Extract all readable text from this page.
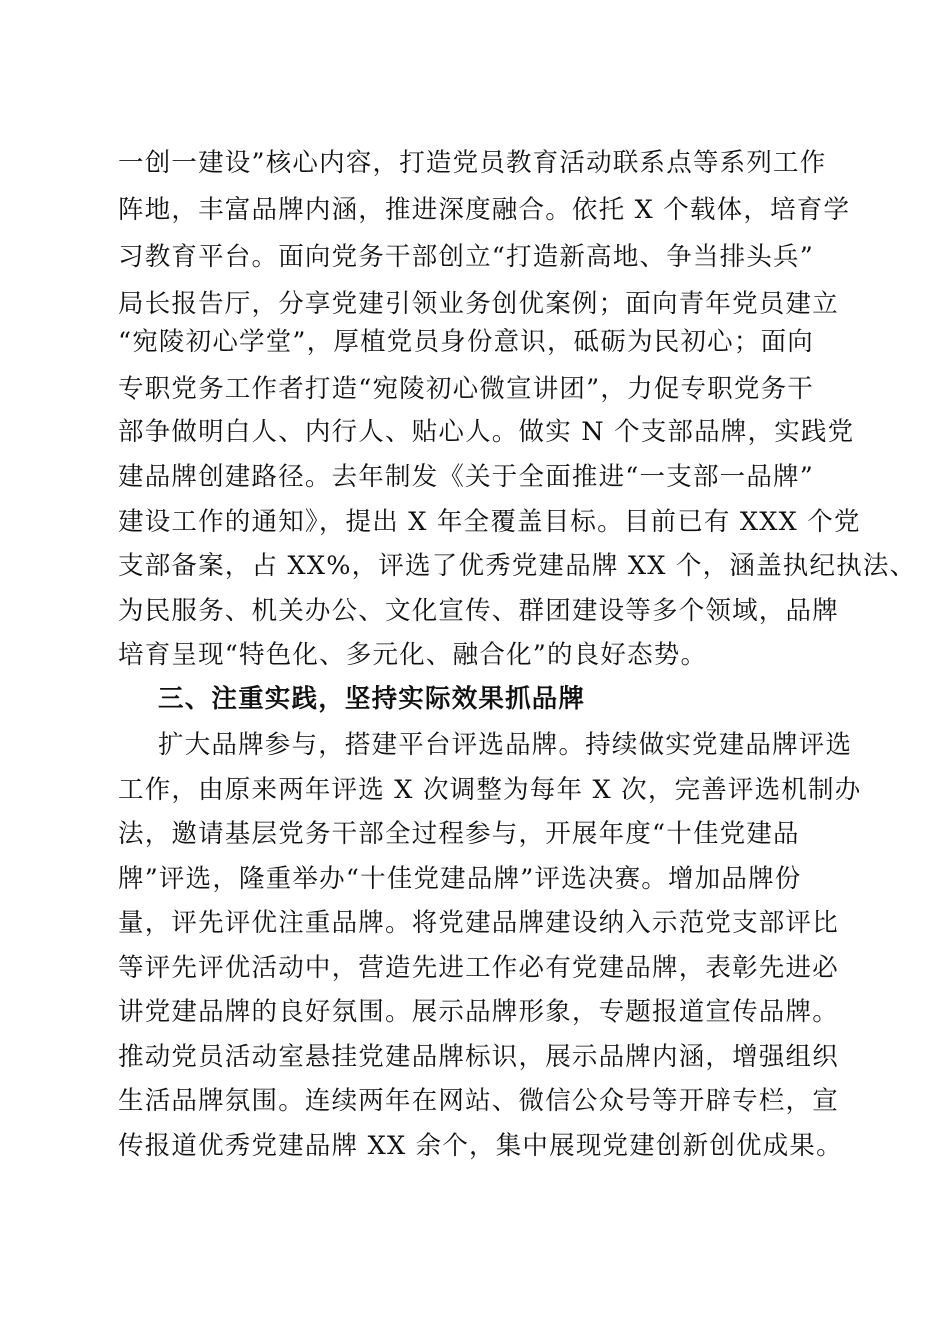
一创一建设”核心内容，打造党员教育活动联系点等系列工作
阵地，丰富品牌内涵，推进深度融合。依托 X 个载体，培育学
习教育平台。面向党务干部创立“打造新高地、争当排头兵”
局长报告厅，分享党建引领业务创优案例；面向青年党员建立
“宛陵初心学堂”，厚植党员身份意识，砥砺为民初心；面向
专职党务工作者打造“宛陵初心微宣讲团”，力促专职党务干
部争做明白人、内行人、贴心人。做实 N 个支部品牌，实践党
建品牌创建路径。去年制发《关于全面推进“一支部一品牌”
建设工作的通知》，提出 X 年全覆盖目标。目前已有 XXX 个党
支部备案，占 XX%，评选了优秀党建品牌 XX 个，涵盖执纪执法、
为民服务、机关办公、文化宣传、群团建设等多个领域，品牌
培育呈现“特色化、多元化、融合化”的良好态势。
三、注重实践，坚持实际效果抓品牌
扩大品牌参与，搭建平台评选品牌。持续做实党建品牌评选
工作，由原来两年评选 X 次调整为每年 X 次，完善评选机制办
法，邀请基层党务干部全过程参与，开展年度“十佳党建品
牌”评选，隆重举办“十佳党建品牌”评选决赛。增加品牌份
量，评先评优注重品牌。将党建品牌建设纳入示范党支部评比
等评先评优活动中，营造先进工作必有党建品牌，表彰先进必
讲党建品牌的良好氛围。展示品牌形象，专题报道宣传品牌。
推动党员活动室悬挂党建品牌标识，展示品牌内涵，增强组织
生活品牌氛围。连续两年在网站、微信公众号等开辟专栏，宣
传报道优秀党建品牌 XX 余个，集中展现党建创新创优成果。
